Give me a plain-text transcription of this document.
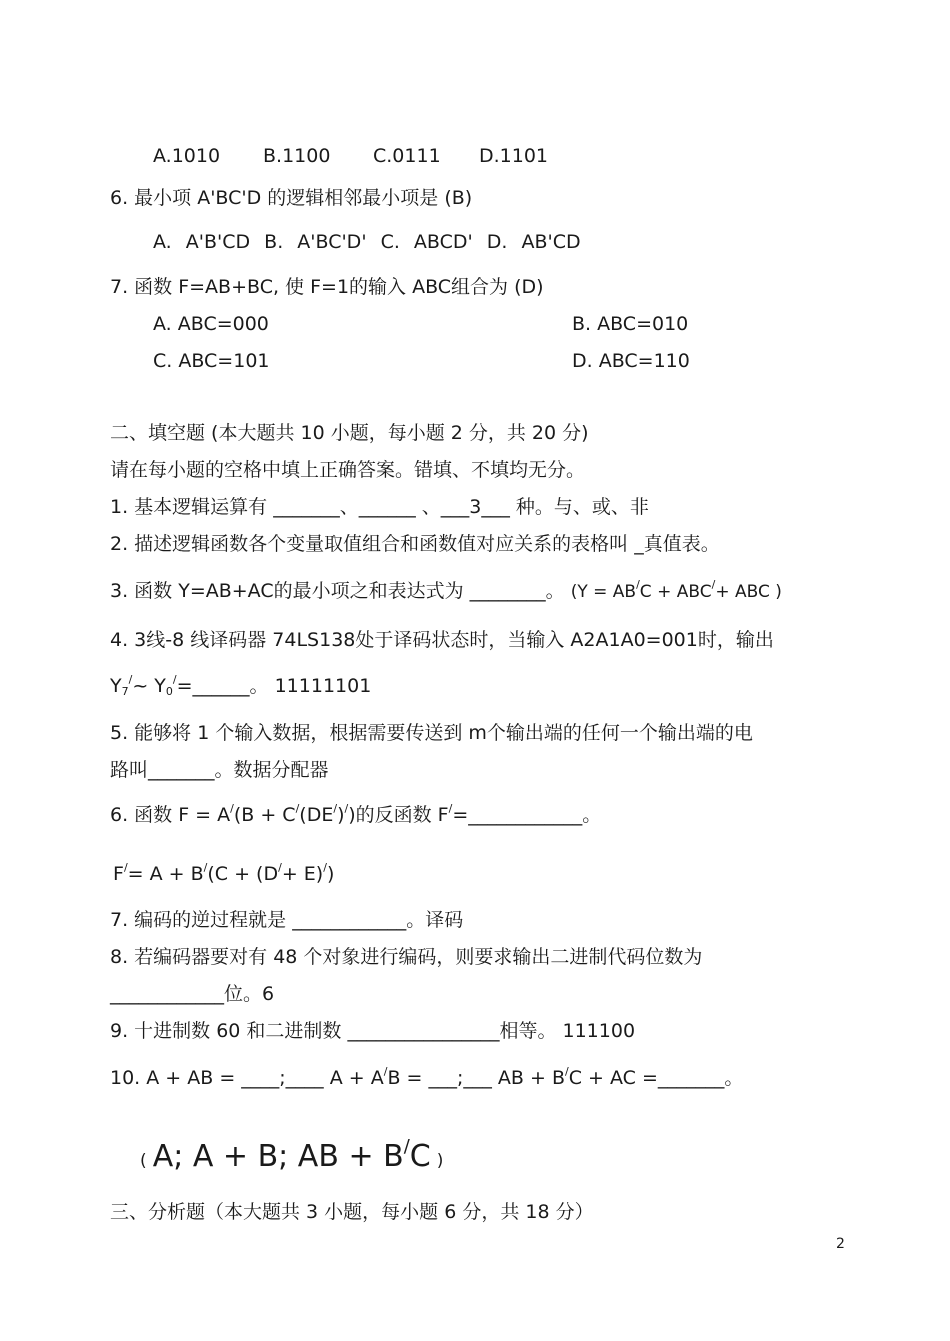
A.1010 B.1100 C.0111 D.1101
6. 最小项 A'BC'D 的逻辑相邻最小项是 (B)
A. A'B'CD B. A'BC'D' C. ABCD' D. AB'CD
7. 函数 F=AB+BC, 使 F=1的输入 ABC组合为 (D)
A. ABC=000	B. ABC=010
C. ABC=101	D. ABC=110
二、填空题 (本大题共 10 小题，每小题 2 分，共 20 分)
请在每小题的空格中填上正确答案。错填、不填均无分。
1. 基本逻辑运算有 _______、______ 、___3___ 种。与、或、非
2. 描述逻辑函数各个变量取值组合和函数值对应关系的表格叫 _真值表。
3. 函数 Y=AB+AC的最小项之和表达式为 ________。 (Y = AB/C + ABC/+ ABC )
4. 3线-8 线译码器 74LS138处于译码状态时，当输入 A2A1A0=001时，输出
$Y_7^/\sim$ $Y_0^/=\_\_\_\_\_\_$。 11111101
5. 能够将 1 个输入数据，根据需要传送到 m个输出端的任何一个输出端的电
路叫_______。数据分配器
6. 函数 F = A/(B + C/(DE/)/)的反函数 F/=____________。
F/= A + B/(C + (D/+ E)/)
7. 编码的逆过程就是 ____________。译码
8. 若编码器要对有 48 个对象进行编码，则要求输出二进制代码位数为
____________位。6
9. 十进制数 60 和二进制数 ________________相等。 111100
10. A + AB = ____;____ A + A/B = ___;___ AB + B/C + AC =_______。
( A; A + B; AB + B/C )
三、分析题（本大题共 3 小题，每小题 6 分，共 18 分）
2
